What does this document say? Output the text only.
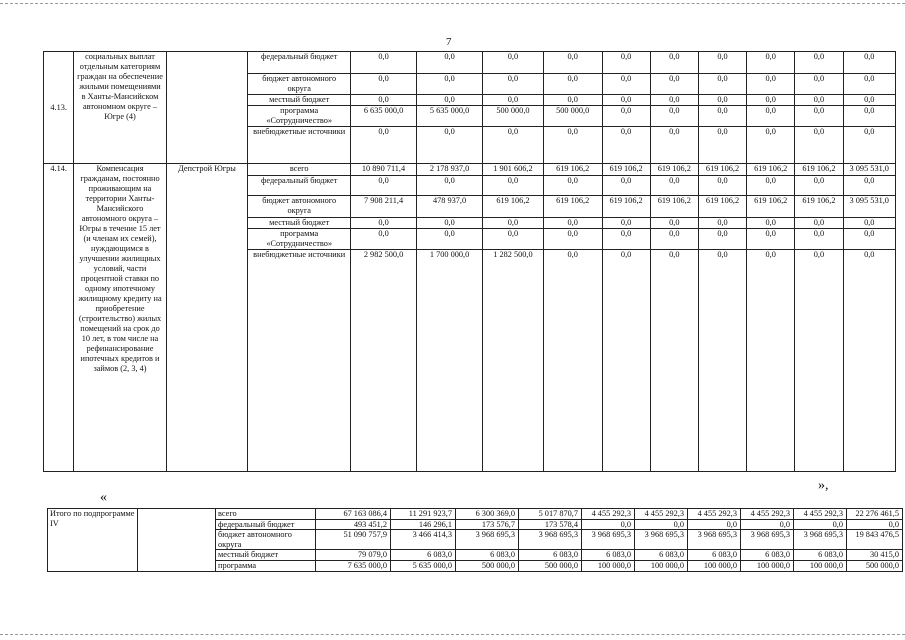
7
4.13.	социальных выплат отдельным категориям граждан на обеспечение жилыми помещениями в Ханты-Мансийском автономном округе – Югре (4)		федеральный бюджет	0,0	0,0	0,0	0,0	0,0	0,0	0,0	0,0	0,0	0,0
			бюджет автономного округа	0,0	0,0	0,0	0,0	0,0	0,0	0,0	0,0	0,0	0,0
			местный бюджет	0,0	0,0	0,0	0,0	0,0	0,0	0,0	0,0	0,0	0,0
			программа «Сотрудничество»	6 635 000,0	5 635 000,0	500 000,0	500 000,0	0,0	0,0	0,0	0,0	0,0	0,0
			внебюджетные источники	0,0	0,0	0,0	0,0	0,0	0,0	0,0	0,0	0,0	0,0
4.14.	Компенсация гражданам, постоянно проживающим на территории Ханты-Мансийского автономного округа – Югры в течение 15 лет (и членам их семей), нуждающимся в улучшении жилищных условий, части процентной ставки по одному ипотечному жилищному кредиту на приобретение (строительство) жилых помещений на срок до 10 лет, в том числе на рефинансирование ипотечных кредитов и займов (2, 3, 4)	Депстрой Югры	всего	10 890 711,4	2 178 937,0	1 901 606,2	619 106,2	619 106,2	619 106,2	619 106,2	619 106,2	619 106,2	3 095 531,0
			федеральный бюджет	0,0	0,0	0,0	0,0	0,0	0,0	0,0	0,0	0,0	0,0
			бюджет автономного округа	7 908 211,4	478 937,0	619 106,2	619 106,2	619 106,2	619 106,2	619 106,2	619 106,2	619 106,2	3 095 531,0
			местный бюджет	0,0	0,0	0,0	0,0	0,0	0,0	0,0	0,0	0,0	0,0
			программа «Сотрудничество»	0,0	0,0	0,0	0,0	0,0	0,0	0,0	0,0	0,0	0,0
			внебюджетные источники	2 982 500,0	1 700 000,0	1 282 500,0	0,0	0,0	0,0	0,0	0,0	0,0	0,0
»,
«
Итого по подпрограмме IV		всего	67 163 086,4	11 291 923,7	6 300 369,0	5 017 870,7	4 455 292,3	4 455 292,3	4 455 292,3	4 455 292,3	4 455 292,3	22 276 461,5
		федеральный бюджет	493 451,2	146 296,1	173 576,7	173 578,4	0,0	0,0	0,0	0,0	0,0	0,0
		бюджет автономного округа	51 090 757,9	3 466 414,3	3 968 695,3	3 968 695,3	3 968 695,3	3 968 695,3	3 968 695,3	3 968 695,3	3 968 695,3	19 843 476,5
		местный бюджет	79 079,0	6 083,0	6 083,0	6 083,0	6 083,0	6 083,0	6 083,0	6 083,0	6 083,0	30 415,0
		программа	7 635 000,0	5 635 000,0	500 000,0	500 000,0	100 000,0	100 000,0	100 000,0	100 000,0	100 000,0	500 000,0
